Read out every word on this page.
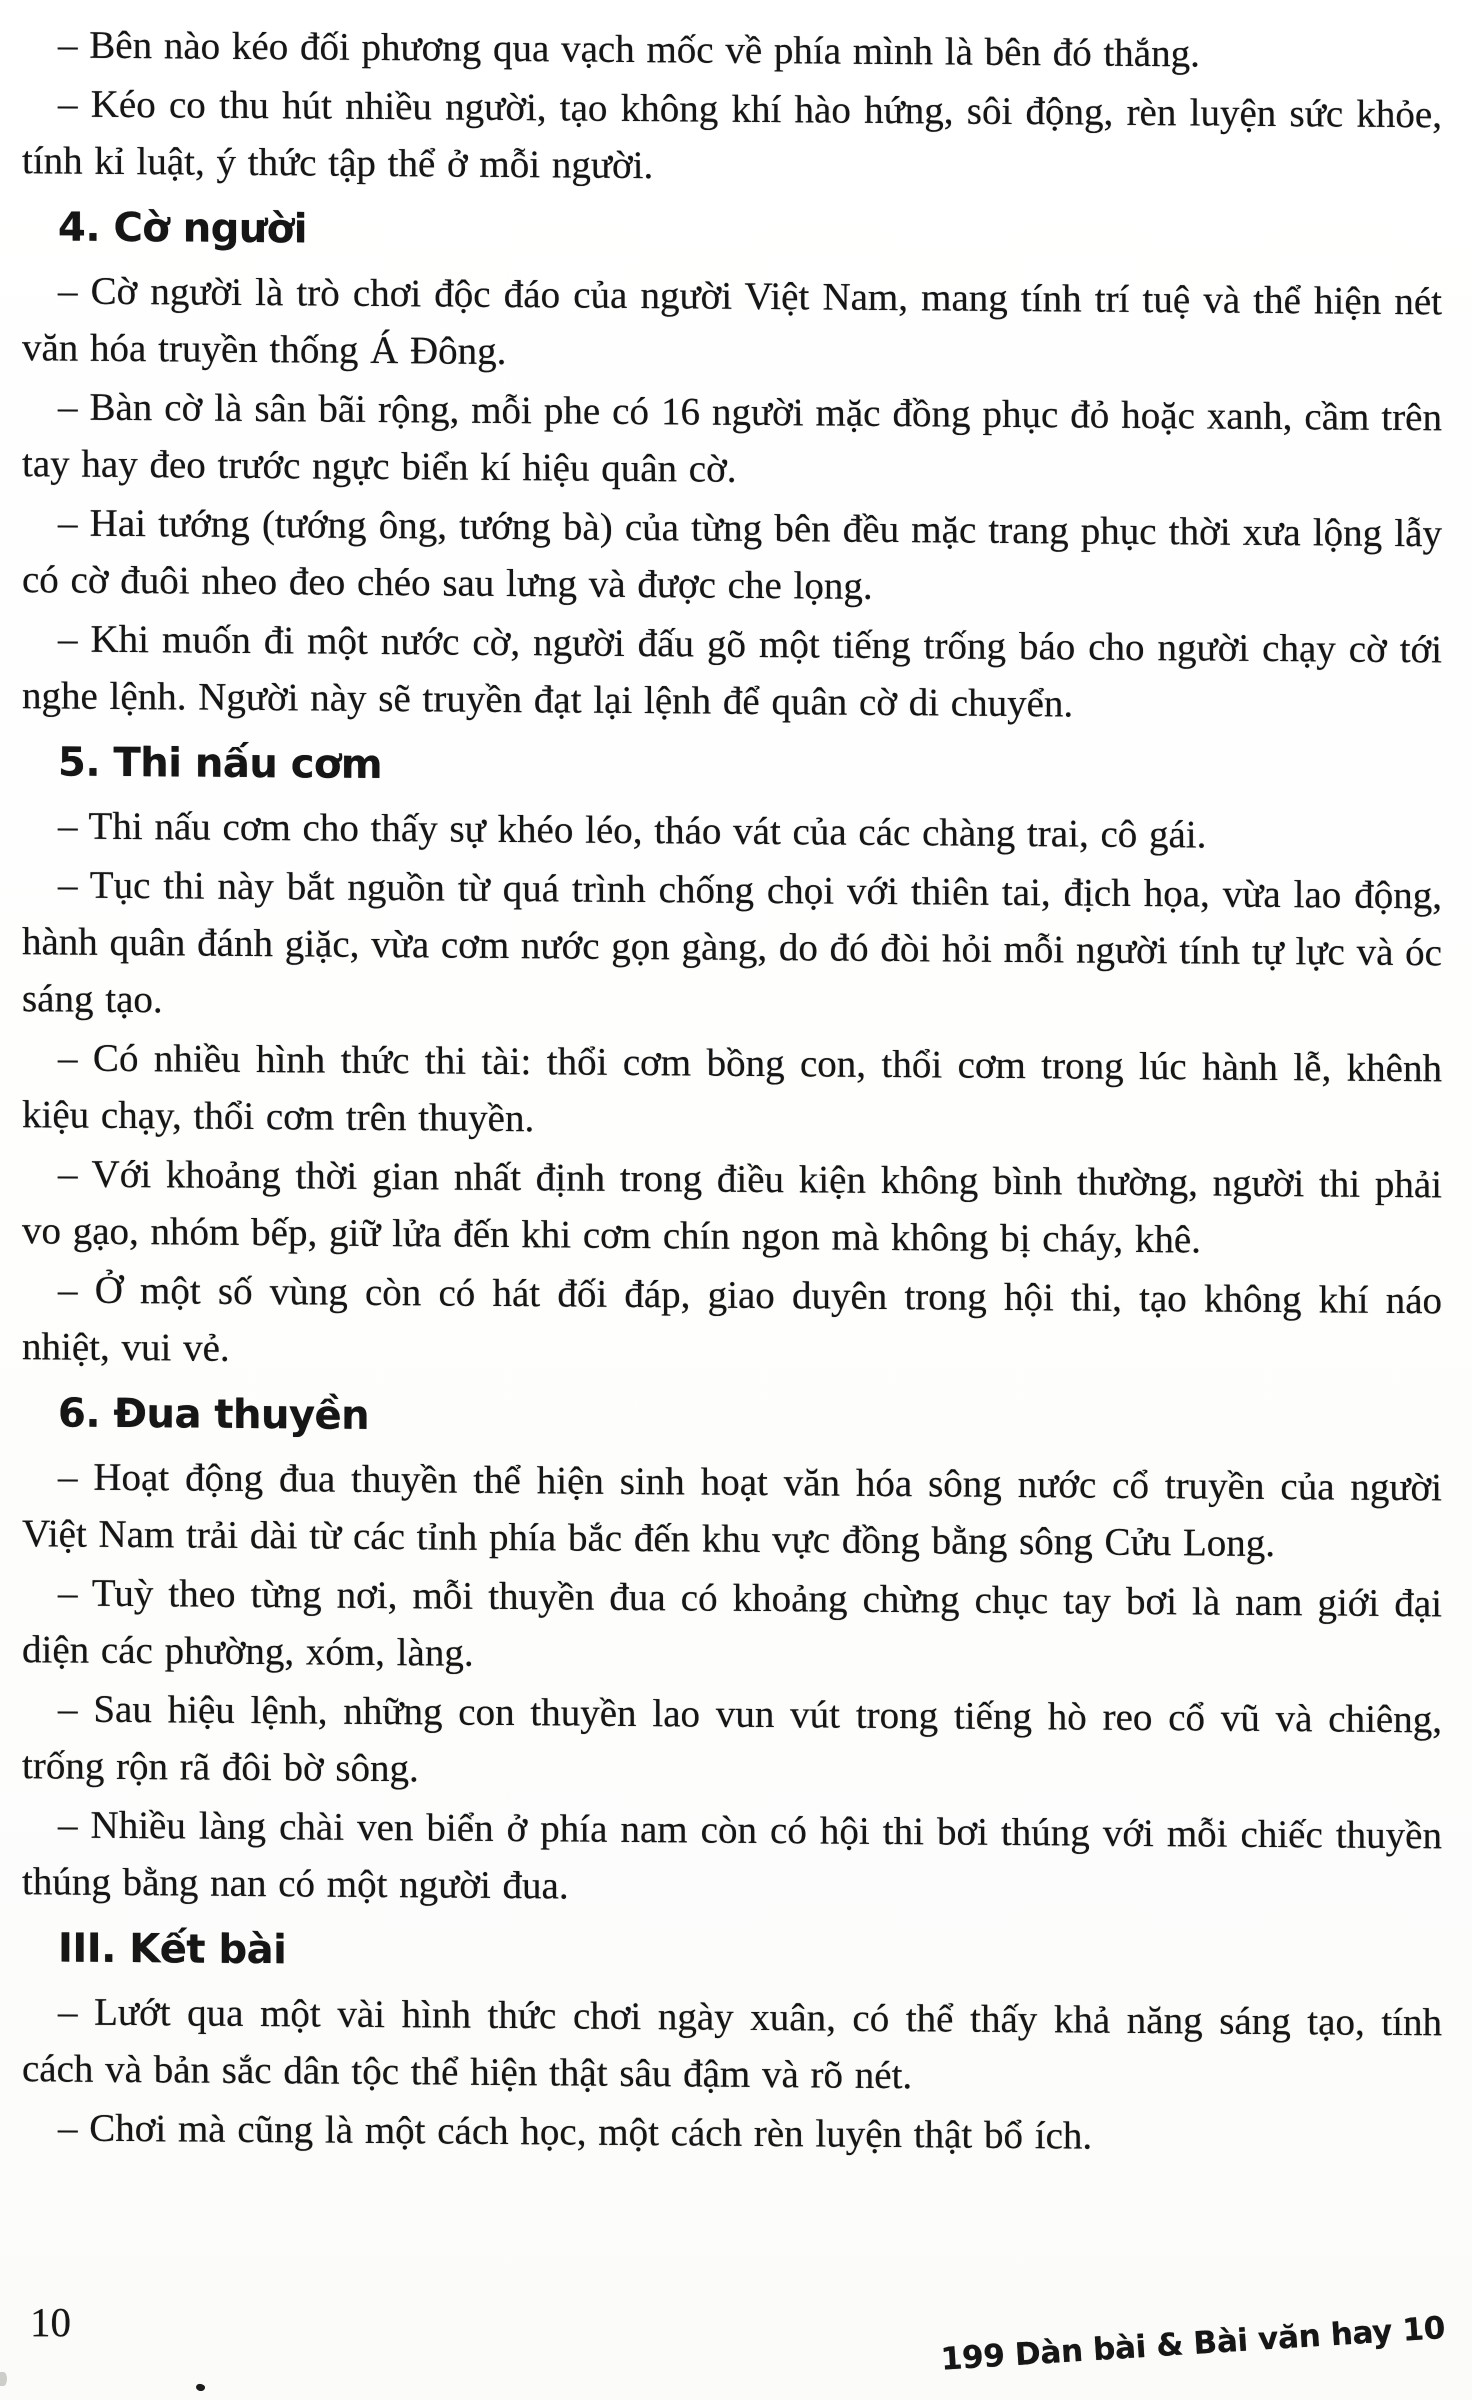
– Bên nào kéo đối phương qua vạch mốc về phía mình là bên đó thắng.

– Kéo co thu hút nhiều người, tạo không khí hào hứng, sôi động, rèn luyện sức khỏe, tính kỉ luật, ý thức tập thể ở mỗi người.

4. Cờ người

– Cờ người là trò chơi độc đáo của người Việt Nam, mang tính trí tuệ và thể hiện nét văn hóa truyền thống Á Đông.

– Bàn cờ là sân bãi rộng, mỗi phe có 16 người mặc đồng phục đỏ hoặc xanh, cầm trên tay hay đeo trước ngực biển kí hiệu quân cờ.

– Hai tướng (tướng ông, tướng bà) của từng bên đều mặc trang phục thời xưa lộng lẫy có cờ đuôi nheo đeo chéo sau lưng và được che lọng.

– Khi muốn đi một nước cờ, người đấu gõ một tiếng trống báo cho người chạy cờ tới nghe lệnh. Người này sẽ truyền đạt lại lệnh để quân cờ di chuyển.

5. Thi nấu cơm

– Thi nấu cơm cho thấy sự khéo léo, tháo vát của các chàng trai, cô gái.

– Tục thi này bắt nguồn từ quá trình chống chọi với thiên tai, địch họa, vừa lao động, hành quân đánh giặc, vừa cơm nước gọn gàng, do đó đòi hỏi mỗi người tính tự lực và óc sáng tạo.

– Có nhiều hình thức thi tài: thổi cơm bồng con, thổi cơm trong lúc hành lễ, khênh kiệu chạy, thổi cơm trên thuyền.

– Với khoảng thời gian nhất định trong điều kiện không bình thường, người thi phải vo gạo, nhóm bếp, giữ lửa đến khi cơm chín ngon mà không bị cháy, khê.

– Ở một số vùng còn có hát đối đáp, giao duyên trong hội thi, tạo không khí náo nhiệt, vui vẻ.

6. Đua thuyền

– Hoạt động đua thuyền thể hiện sinh hoạt văn hóa sông nước cổ truyền của người Việt Nam trải dài từ các tỉnh phía bắc đến khu vực đồng bằng sông Cửu Long.

– Tuỳ theo từng nơi, mỗi thuyền đua có khoảng chừng chục tay bơi là nam giới đại diện các phường, xóm, làng.

– Sau hiệu lệnh, những con thuyền lao vun vút trong tiếng hò reo cổ vũ và chiêng, trống rộn rã đôi bờ sông.

– Nhiều làng chài ven biển ở phía nam còn có hội thi bơi thúng với mỗi chiếc thuyền thúng bằng nan có một người đua.

III. Kết bài

– Lướt qua một vài hình thức chơi ngày xuân, có thể thấy khả năng sáng tạo, tính cách và bản sắc dân tộc thể hiện thật sâu đậm và rõ nét.

– Chơi mà cũng là một cách học, một cách rèn luyện thật bổ ích.

10	199 Dàn bài & Bài văn hay 10
